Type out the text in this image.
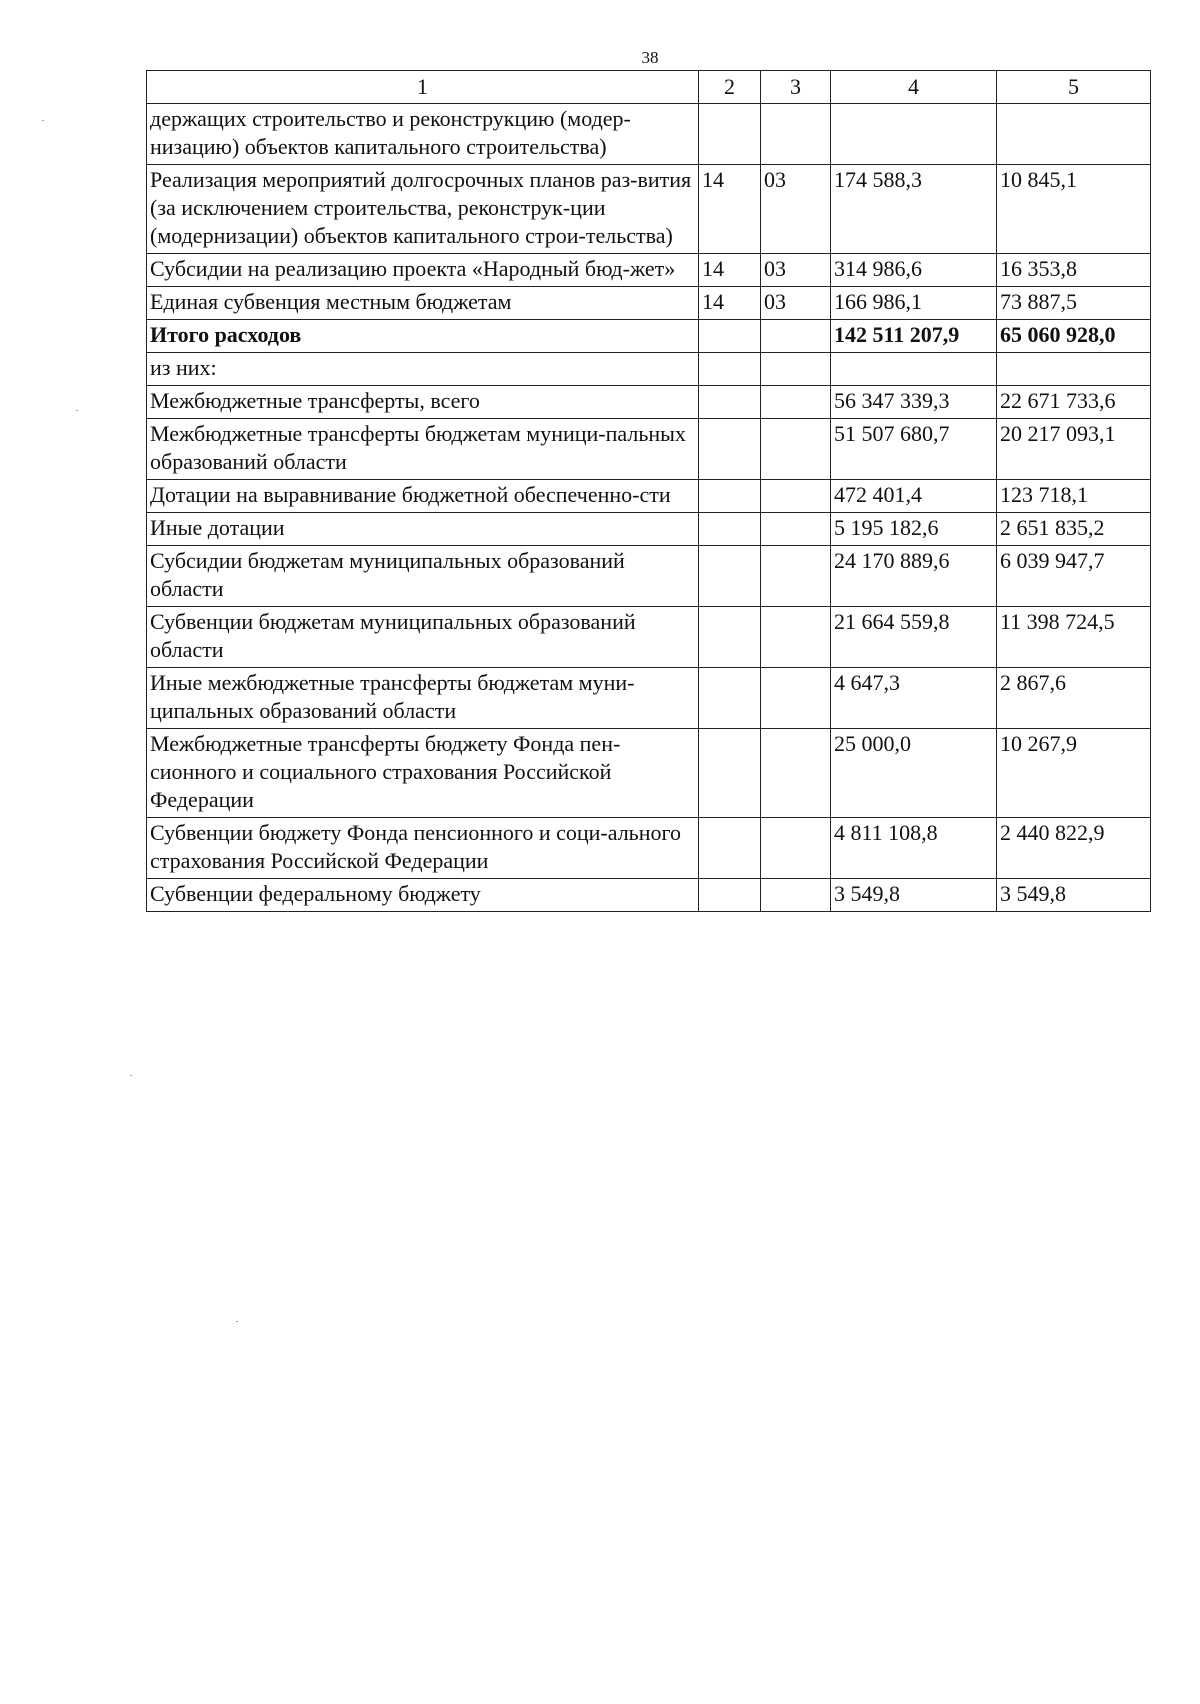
38
1	2	3	4	5
держащих строительство и реконструкцию (модер-низацию) объектов капитального строительства)				
Реализация мероприятий долгосрочных планов раз-вития (за исключением строительства, реконструк-ции (модернизации) объектов капитального строи-тельства)	14	03	174 588,3	10 845,1
Субсидии на реализацию проекта «Народный бюд-жет»	14	03	314 986,6	16 353,8
Единая субвенция местным бюджетам	14	03	166 986,1	73 887,5
Итого расходов			142 511 207,9	65 060 928,0
из них:				
Межбюджетные трансферты, всего			56 347 339,3	22 671 733,6
Межбюджетные трансферты бюджетам муници-пальных образований области			51 507 680,7	20 217 093,1
Дотации на выравнивание бюджетной обеспеченно-сти			472 401,4	123 718,1
Иные дотации			5 195 182,6	2 651 835,2
Субсидии бюджетам муниципальных образований области			24 170 889,6	6 039 947,7
Субвенции бюджетам муниципальных образований области			21 664 559,8	11 398 724,5
Иные межбюджетные трансферты бюджетам муни-ципальных образований области			4 647,3	2 867,6
Межбюджетные трансферты бюджету Фонда пен-сионного и социального страхования Российской Федерации			25 000,0	10 267,9
Субвенции бюджету Фонда пенсионного и соци-ального страхования Российской Федерации			4 811 108,8	2 440 822,9
Субвенции федеральному бюджету			3 549,8	3 549,8
